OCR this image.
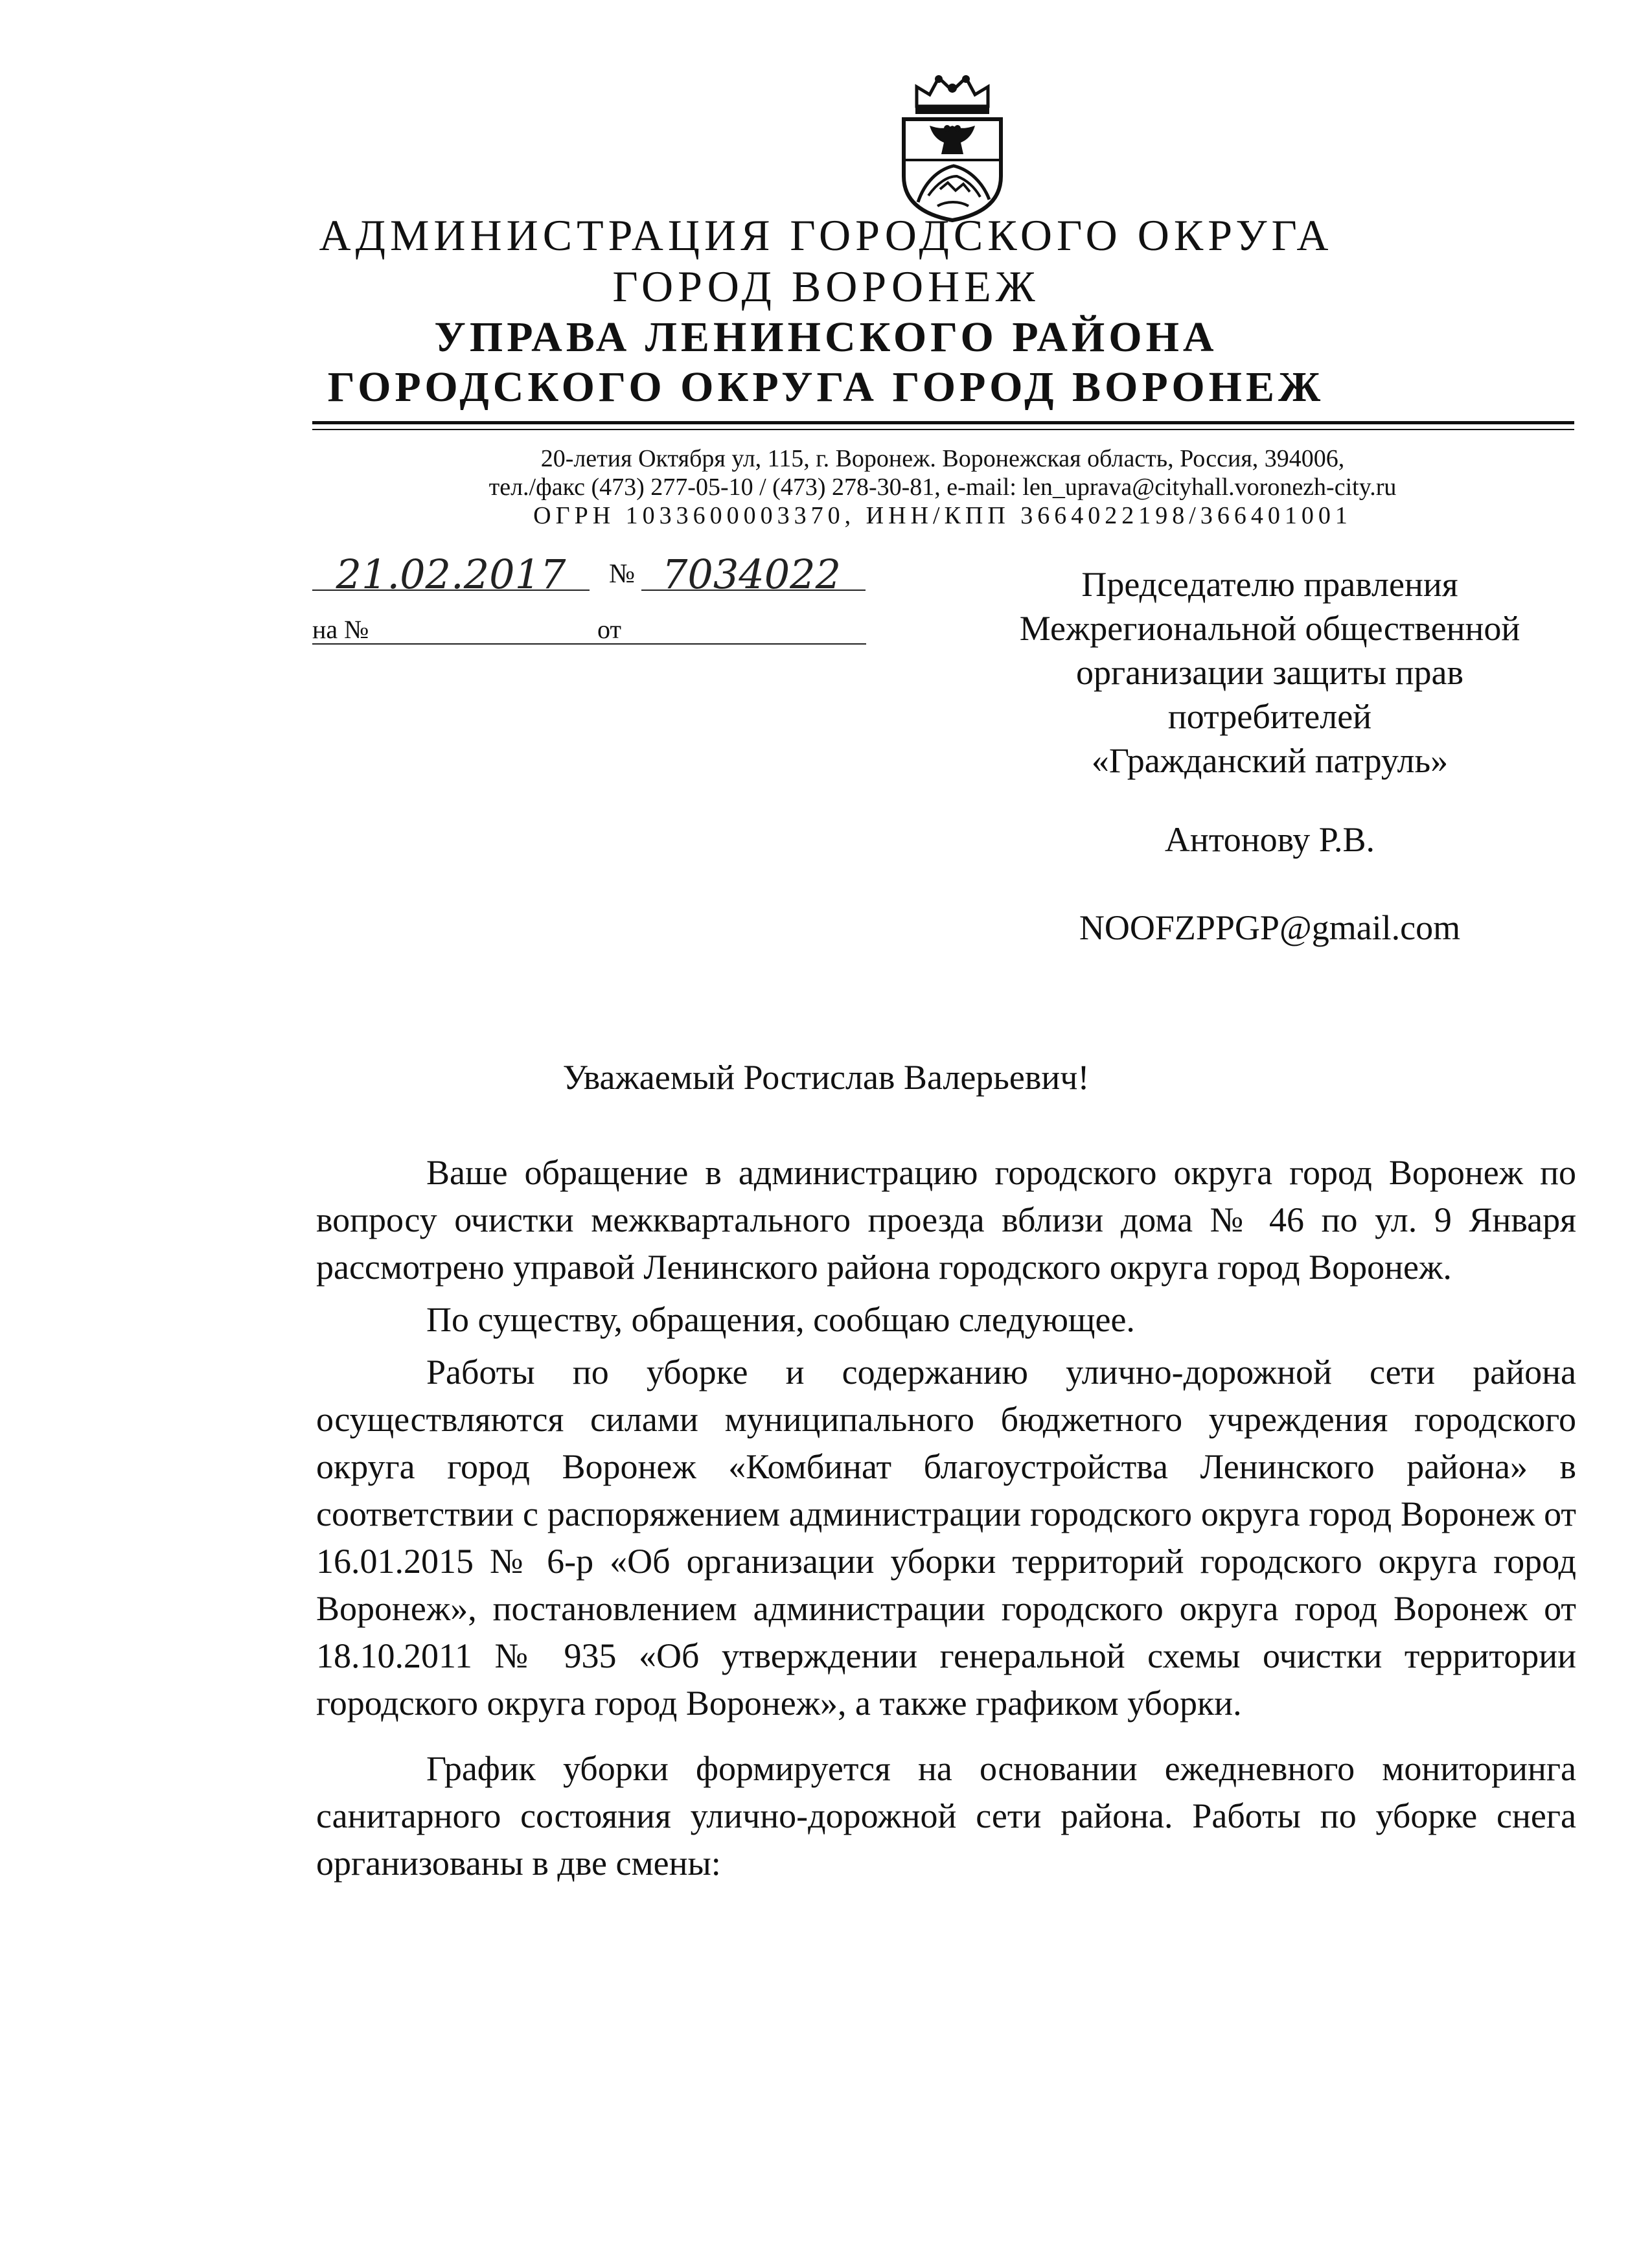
АДМИНИСТРАЦИЯ ГОРОДСКОГО ОКРУГА
ГОРОД ВОРОНЕЖ
УПРАВА ЛЕНИНСКОГО РАЙОНА
ГОРОДСКОГО ОКРУГА ГОРОД ВОРОНЕЖ
20-летия Октября ул, 115, г. Воронеж. Воронежская область, Россия, 394006,
тел./факс (473) 277-05-10 / (473) 278-30-81, e-mail: len_uprava@cityhall.voronezh-city.ru
ОГРН 1033600003370, ИНН/КПП 3664022198/366401001
21.02.2017	№ 7034022
на №	от
Председателю правления
Межрегиональной общественной
организации защиты прав
потребителей
«Гражданский патруль»
Антонову Р.В.
NOOFZPPGP@gmail.com
Уважаемый Ростислав Валерьевич!

Ваше обращение в администрацию городского округа город Воронеж по вопросу очистки межквартального проезда вблизи дома № 46 по ул. 9 Января рассмотрено управой Ленинского района городского округа город Воронеж.

По существу, обращения, сообщаю следующее.

Работы по уборке и содержанию улично-дорожной сети района осуществляются силами муниципального бюджетного учреждения городского округа город Воронеж «Комбинат благоустройства Ленинского района» в соответствии с распоряжением администрации городского округа город Воронеж от 16.01.2015 № 6-р «Об организации уборки территорий городского округа город Воронеж», постановлением администрации городского округа город Воронеж от 18.10.2011 № 935 «Об утверждении генеральной схемы очистки территории городского округа город Воронеж», а также графиком уборки.

График уборки формируется на основании ежедневного мониторинга санитарного состояния улично-дорожной сети района. Работы по уборке снега организованы в две смены:
